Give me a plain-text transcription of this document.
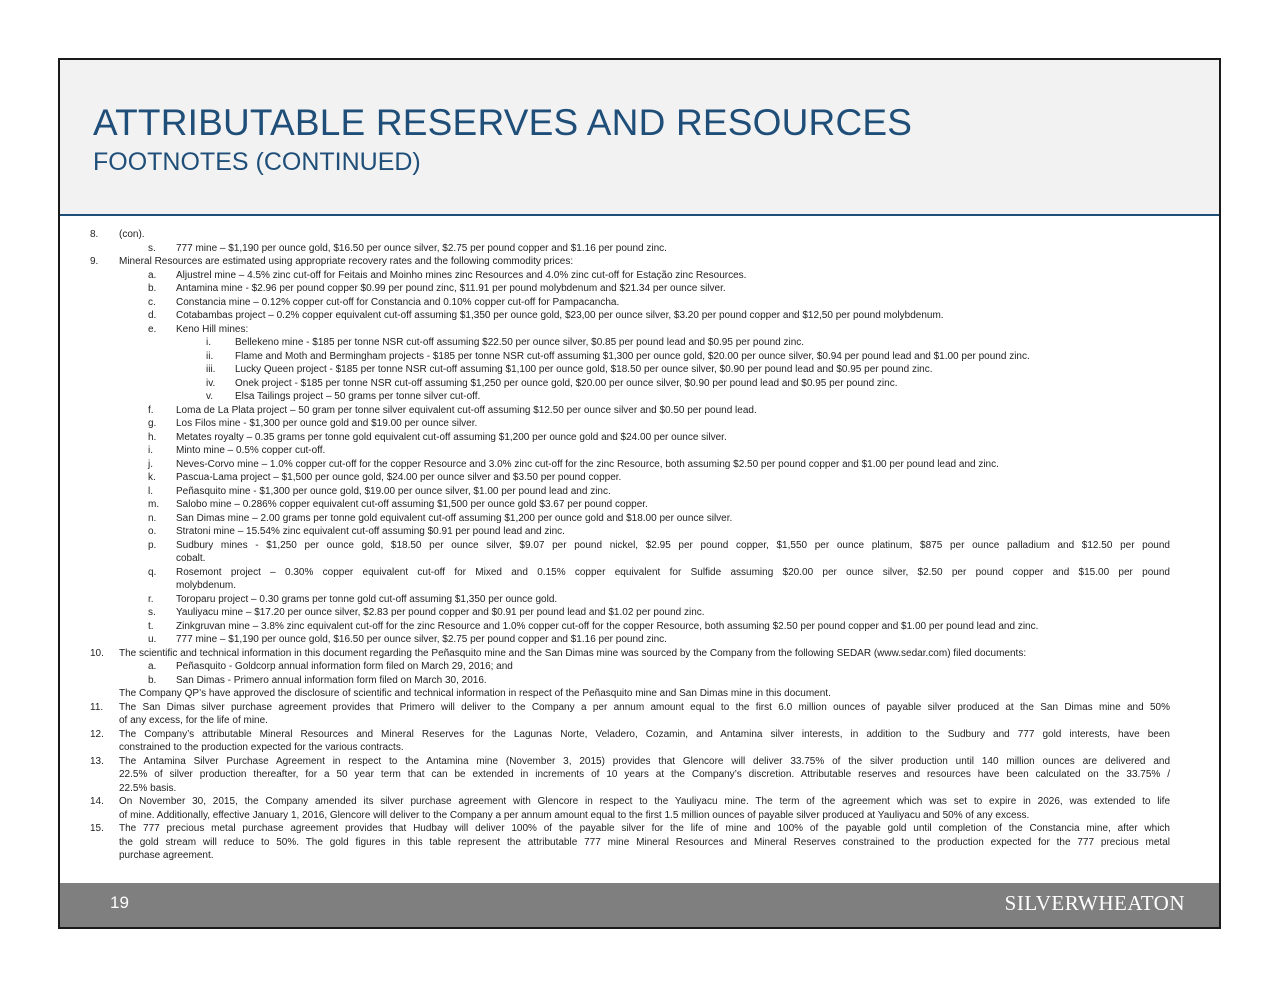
ATTRIBUTABLE RESERVES AND RESOURCES
FOOTNOTES (CONTINUED)
8. (con).
s. 777 mine – $1,190 per ounce gold, $16.50 per ounce silver, $2.75 per pound copper and $1.16 per pound zinc.
9. Mineral Resources are estimated using appropriate recovery rates and the following commodity prices:
a. Aljustrel mine – 4.5% zinc cut-off for Feitais and Moinho mines zinc Resources and 4.0% zinc cut-off for Estação zinc Resources.
b. Antamina mine - $2.96 per pound copper $0.99 per pound zinc, $11.91 per pound molybdenum and $21.34 per ounce silver.
c. Constancia mine – 0.12% copper cut-off for Constancia and 0.10% copper cut-off for Pampacancha.
d. Cotabambas project – 0.2% copper equivalent cut-off assuming $1,350 per ounce gold, $23,00 per ounce silver, $3.20 per pound copper and $12,50 per pound molybdenum.
e. Keno Hill mines:
i. Bellekeno mine - $185 per tonne NSR cut-off assuming $22.50 per ounce silver, $0.85 per pound lead and $0.95 per pound zinc.
ii. Flame and Moth and Bermingham projects - $185 per tonne NSR cut-off assuming $1,300 per ounce gold, $20.00 per ounce silver, $0.94 per pound lead and $1.00 per pound zinc.
iii. Lucky Queen project - $185 per tonne NSR cut-off assuming $1,100 per ounce gold, $18.50 per ounce silver, $0.90 per pound lead and $0.95 per pound zinc.
iv. Onek project - $185 per tonne NSR cut-off assuming $1,250 per ounce gold, $20.00 per ounce silver, $0.90 per pound lead and $0.95 per pound zinc.
v. Elsa Tailings project – 50 grams per tonne silver cut-off.
f. Loma de La Plata project – 50 gram per tonne silver equivalent cut-off assuming $12.50 per ounce silver and $0.50 per pound lead.
g. Los Filos mine - $1,300 per ounce gold and $19.00 per ounce silver.
h. Metates royalty – 0.35 grams per tonne gold equivalent cut-off assuming $1,200 per ounce gold and $24.00 per ounce silver.
i. Minto mine – 0.5% copper cut-off.
j. Neves-Corvo mine – 1.0% copper cut-off for the copper Resource and 3.0% zinc cut-off for the zinc Resource, both assuming $2.50 per pound copper and $1.00 per pound lead and zinc.
k. Pascua-Lama project – $1,500 per ounce gold, $24.00 per ounce silver and $3.50 per pound copper.
l. Peñasquito mine - $1,300 per ounce gold, $19.00 per ounce silver, $1.00 per pound lead and zinc.
m. Salobo mine – 0.286% copper equivalent cut-off assuming $1,500 per ounce gold $3.67 per pound copper.
n. San Dimas mine – 2.00 grams per tonne gold equivalent cut-off assuming $1,200 per ounce gold and $18.00 per ounce silver.
o. Stratoni mine – 15.54% zinc equivalent cut-off assuming $0.91 per pound lead and zinc.
p. Sudbury mines - $1,250 per ounce gold, $18.50 per ounce silver, $9.07 per pound nickel, $2.95 per pound copper, $1,550 per ounce platinum, $875 per ounce palladium and $12.50 per pound
cobalt.
q. Rosemont project – 0.30% copper equivalent cut-off for Mixed and 0.15% copper equivalent for Sulfide assuming $20.00 per ounce silver, $2.50 per pound copper and $15.00 per pound
molybdenum.
r. Toroparu project – 0.30 grams per tonne gold cut-off assuming $1,350 per ounce gold.
s. Yauliyacu mine – $17.20 per ounce silver, $2.83 per pound copper and $0.91 per pound lead and $1.02 per pound zinc.
t. Zinkgruvan mine – 3.8% zinc equivalent cut-off for the zinc Resource and 1.0% copper cut-off for the copper Resource, both assuming $2.50 per pound copper and $1.00 per pound lead and zinc.
u. 777 mine – $1,190 per ounce gold, $16.50 per ounce silver, $2.75 per pound copper and $1.16 per pound zinc.
10. The scientific and technical information in this document regarding the Peñasquito mine and the San Dimas mine was sourced by the Company from the following SEDAR (www.sedar.com) filed documents:
a. Peñasquito - Goldcorp annual information form filed on March 29, 2016; and
b. San Dimas - Primero annual information form filed on March 30, 2016.
The Company QP’s have approved the disclosure of scientific and technical information in respect of the Peñasquito mine and San Dimas mine in this document.
11. The San Dimas silver purchase agreement provides that Primero will deliver to the Company a per annum amount equal to the first 6.0 million ounces of payable silver produced at the San Dimas mine and 50%
of any excess, for the life of mine.
12. The Company’s attributable Mineral Resources and Mineral Reserves for the Lagunas Norte, Veladero, Cozamin, and Antamina silver interests, in addition to the Sudbury and 777 gold interests, have been
constrained to the production expected for the various contracts.
13. The Antamina Silver Purchase Agreement in respect to the Antamina mine (November 3, 2015) provides that Glencore will deliver 33.75% of the silver production until 140 million ounces are delivered and
22.5% of silver production thereafter, for a 50 year term that can be extended in increments of 10 years at the Company’s discretion. Attributable reserves and resources have been calculated on the 33.75% /
22.5% basis.
14. On November 30, 2015, the Company amended its silver purchase agreement with Glencore in respect to the Yauliyacu mine. The term of the agreement which was set to expire in 2026, was extended to life
of mine. Additionally, effective January 1, 2016, Glencore will deliver to the Company a per annum amount equal to the first 1.5 million ounces of payable silver produced at Yauliyacu and 50% of any excess.
15. The 777 precious metal purchase agreement provides that Hudbay will deliver 100% of the payable silver for the life of mine and 100% of the payable gold until completion of the Constancia mine, after which
the gold stream will reduce to 50%. The gold figures in this table represent the attributable 777 mine Mineral Resources and Mineral Reserves constrained to the production expected for the 777 precious metal
purchase agreement.
19	SILVERWHEATON
